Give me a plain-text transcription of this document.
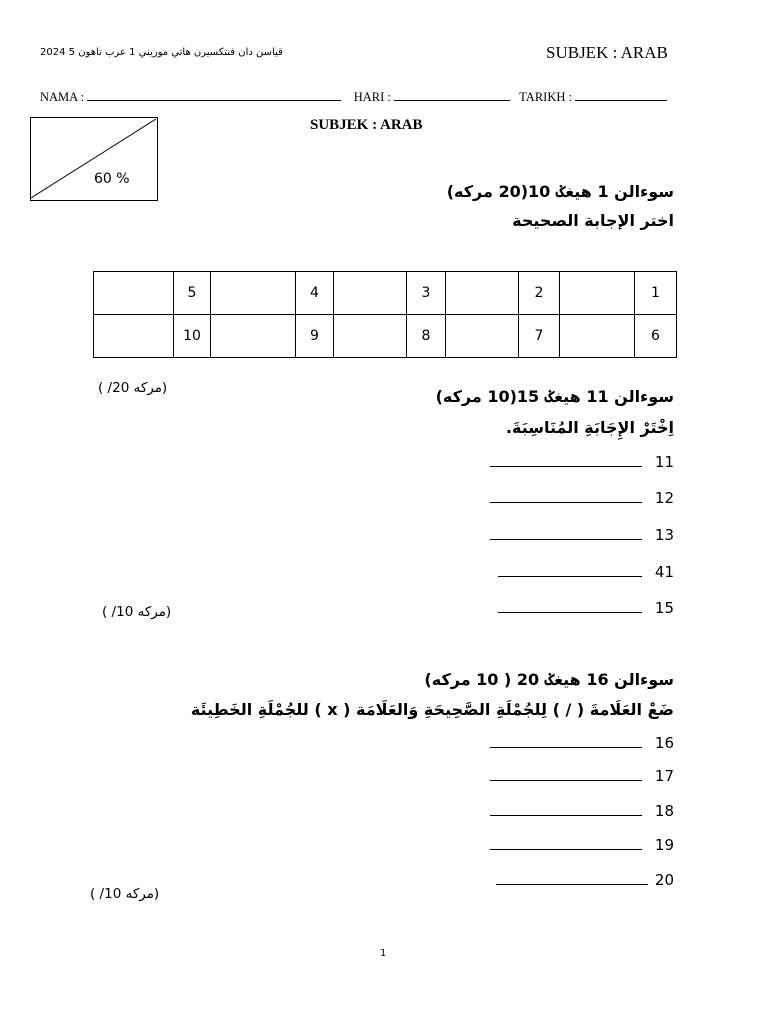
SUBJEK : ARAB
قياسن دان فنتكسيرن هاتي موريني 1 عرب تاهون 5 2024
NAMA :	HARI :	TARIKH :
60 %
SUBJEK : ARAB
سوءالن 1 هيغݢ 10(20 مركه)
اختر الإجابة الصحيحة
	5		4		3		2		1
	10		9		8		7		6
(مركه 20/ )	سوءالن 11 هيغݢ 15(10 مركه)
اِخْتَرْ الإِجَابَةِ المُنَاسِبَةَ.
11
12
13
41
15
(مركه 10/ )
سوءالن 16 هيغݢ 20 ( 10 مركه)
ضَعْ العَلَامةَ ( / ) لِلجُمْلَةِ الصَّحِيحَةِ وَالعَلَامَة ( x ) للجُمْلَةِ الخَطِيئَة
16
17
18
19
20
(مركه 10/ )
1
